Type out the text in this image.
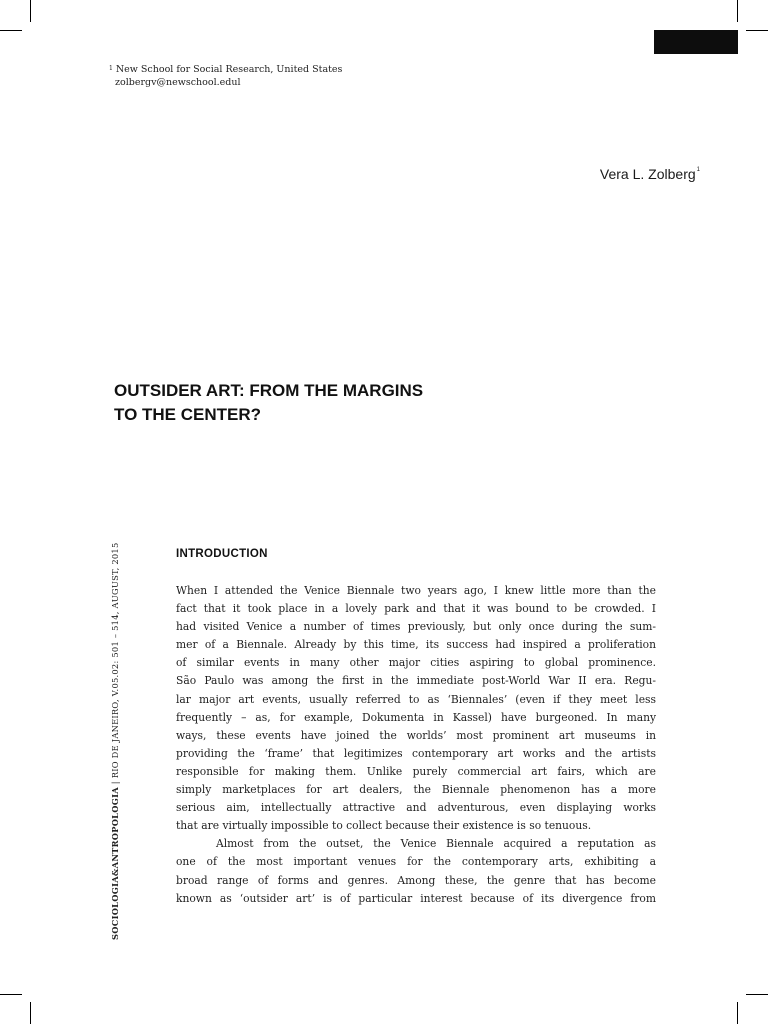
$^1$ New School for Social Research, United States
zolbergv@newschool.edul
Vera L. Zolberg$^1$
OUTSIDER ART: FROM THE MARGINS
TO THE CENTER?
INTRODUCTION
When I attended the Venice Biennale two years ago, I knew little more than the
fact that it took place in a lovely park and that it was bound to be crowded. I
had visited Venice a number of times previously, but only once during the sum-
mer of a Biennale. Already by this time, its success had inspired a proliferation
of similar events in many other major cities aspiring to global prominence.
São Paulo was among the first in the immediate post-World War II era. Regu-
lar major art events, usually referred to as ‘Biennales’ (even if they meet less
frequently – as, for example, Dokumenta in Kassel) have burgeoned. In many
ways, these events have joined the worlds’ most prominent art museums in
providing the ‘frame’ that legitimizes contemporary art works and the artists
responsible for making them. Unlike purely commercial art fairs, which are
simply marketplaces for art dealers, the Biennale phenomenon has a more
serious aim, intellectually attractive and adventurous, even displaying works
that are virtually impossible to collect because their existence is so tenuous.
Almost from the outset, the Venice Biennale acquired a reputation as
one of the most important venues for the contemporary arts, exhibiting a
broad range of forms and genres. Among these, the genre that has become
known as ‘outsider art’ is of particular interest because of its divergence from
SOCIOLOGIA&ANTROPOLOGIA | RIO DE JANEIRO, V.05.02: 501 – 514, AUGUST, 2015
